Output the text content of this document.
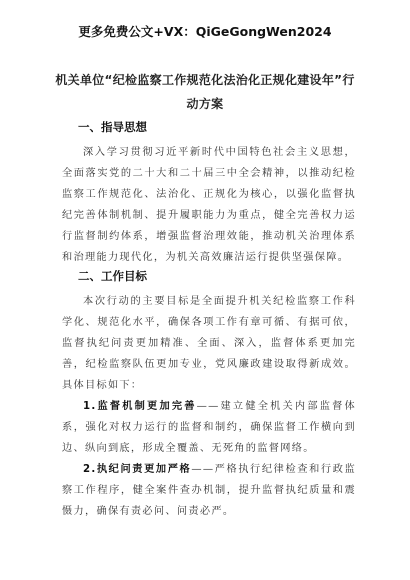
更多免费公文+VX：QiGeGongWen2024
机关单位“纪检监察工作规范化法治化正规化建设年”行动方案
一、指导思想
深入学习贯彻习近平新时代中国特色社会主义思想，全面落实党的二十大和二十届三中全会精神，以推动纪检监察工作规范化、法治化、正规化为核心，以强化监督执纪完善体制机制、提升履职能力为重点，健全完善权力运行监督制约体系，增强监督治理效能，推动机关治理体系和治理能力现代化，为机关高效廉洁运行提供坚强保障。
二、工作目标
本次行动的主要目标是全面提升机关纪检监察工作科学化、规范化水平，确保各项工作有章可循、有据可依，监督执纪问责更加精准、全面、深入，监督体系更加完善，纪检监察队伍更加专业，党风廉政建设取得新成效。具体目标如下：
1.监督机制更加完善——建立健全机关内部监督体系，强化对权力运行的监督和制约，确保监督工作横向到边、纵向到底，形成全覆盖、无死角的监督网络。
2.执纪问责更加严格——严格执行纪律检查和行政监察工作程序，健全案件查办机制，提升监督执纪质量和震慑力，确保有责必问、问责必严。
